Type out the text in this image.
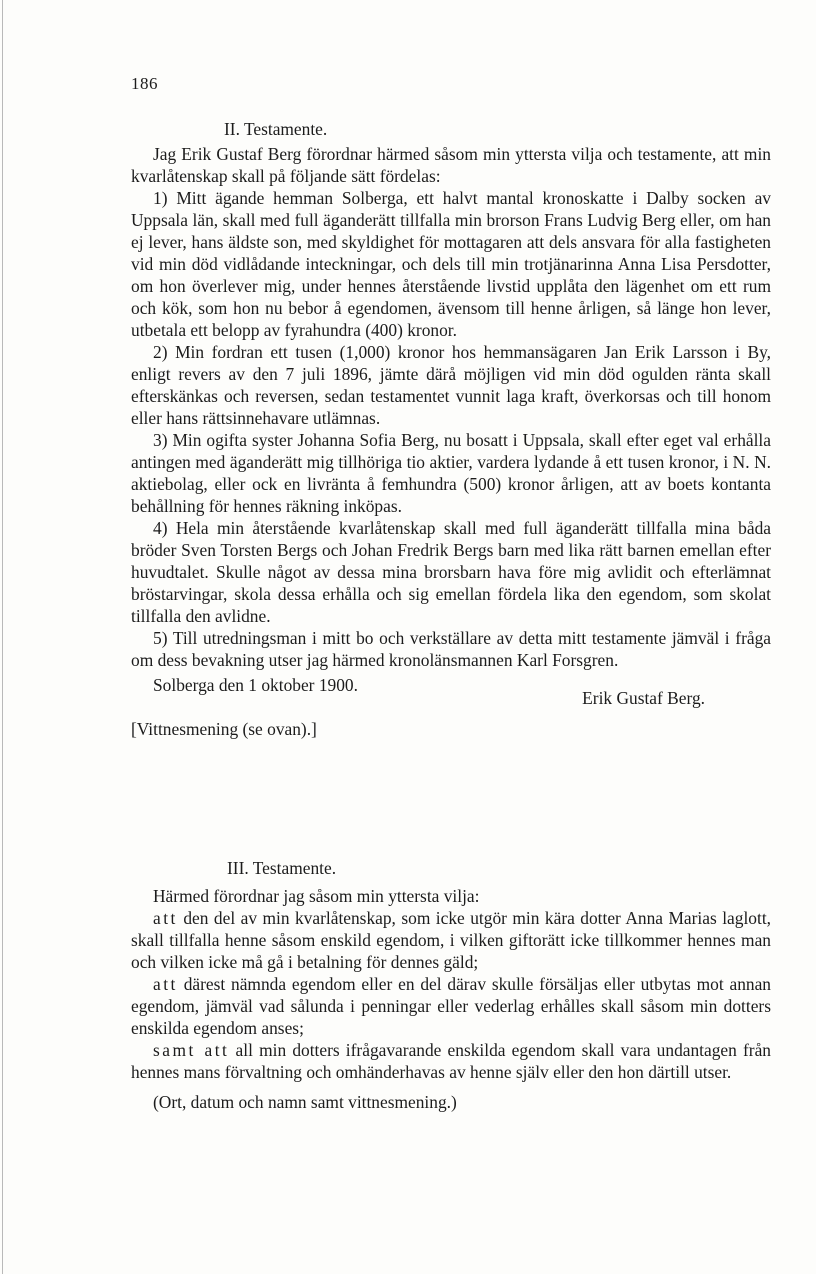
186

II. Testamente.

Jag Erik Gustaf Berg förordnar härmed såsom min yttersta vilja och testamente, att min kvarlåtenskap skall på följande sätt fördelas:

1) Mitt ägande hemman Solberga, ett halvt mantal kronoskatte i Dalby socken av Uppsala län, skall med full äganderätt tillfalla min brorson Frans Ludvig Berg eller, om han ej lever, hans äldste son, med skyldighet för mottagaren att dels ansvara för alla fastigheten vid min död vidlådande inteckningar, och dels till min trotjänarinna Anna Lisa Persdotter, om hon överlever mig, under hennes återstående livstid upplåta den lägenhet om ett rum och kök, som hon nu bebor å egendomen, ävensom till henne årligen, så länge hon lever, utbetala ett belopp av fyrahundra (400) kronor.

2) Min fordran ett tusen (1,000) kronor hos hemmansägaren Jan Erik Larsson i By, enligt revers av den 7 juli 1896, jämte därå möjligen vid min död ogulden ränta skall efterskänkas och reversen, sedan testamentet vunnit laga kraft, överkorsas och till honom eller hans rättsinnehavare utlämnas.

3) Min ogifta syster Johanna Sofia Berg, nu bosatt i Uppsala, skall efter eget val erhålla antingen med äganderätt mig tillhöriga tio aktier, vardera lydande å ett tusen kronor, i N. N. aktiebolag, eller ock en livränta å femhundra (500) kronor årligen, att av boets kontanta behållning för hennes räkning inköpas.

4) Hela min återstående kvarlåtenskap skall med full äganderätt tillfalla mina båda bröder Sven Torsten Bergs och Johan Fredrik Bergs barn med lika rätt barnen emellan efter huvudtalet. Skulle något av dessa mina brorsbarn hava före mig avlidit och efterlämnat bröstarvingar, skola dessa erhålla och sig emellan fördela lika den egendom, som skolat tillfalla den avlidne.

5) Till utredningsman i mitt bo och verkställare av detta mitt testamente jämväl i fråga om dess bevakning utser jag härmed kronolänsmannen Karl Forsgren.

Solberga den 1 oktober 1900.

Erik Gustaf Berg.

[Vittnesmening (se ovan).]

III. Testamente.

Härmed förordnar jag såsom min yttersta vilja:

att den del av min kvarlåtenskap, som icke utgör min kära dotter Anna Marias laglott, skall tillfalla henne såsom enskild egendom, i vilken giftorätt icke tillkommer hennes man och vilken icke må gå i betalning för dennes gäld;

att därest nämnda egendom eller en del därav skulle försäljas eller utbytas mot annan egendom, jämväl vad sålunda i penningar eller vederlag erhålles skall såsom min dotters enskilda egendom anses;

samt att all min dotters ifrågavarande enskilda egendom skall vara undantagen från hennes mans förvaltning och omhänderhavas av henne själv eller den hon därtill utser.

(Ort, datum och namn samt vittnesmening.)
